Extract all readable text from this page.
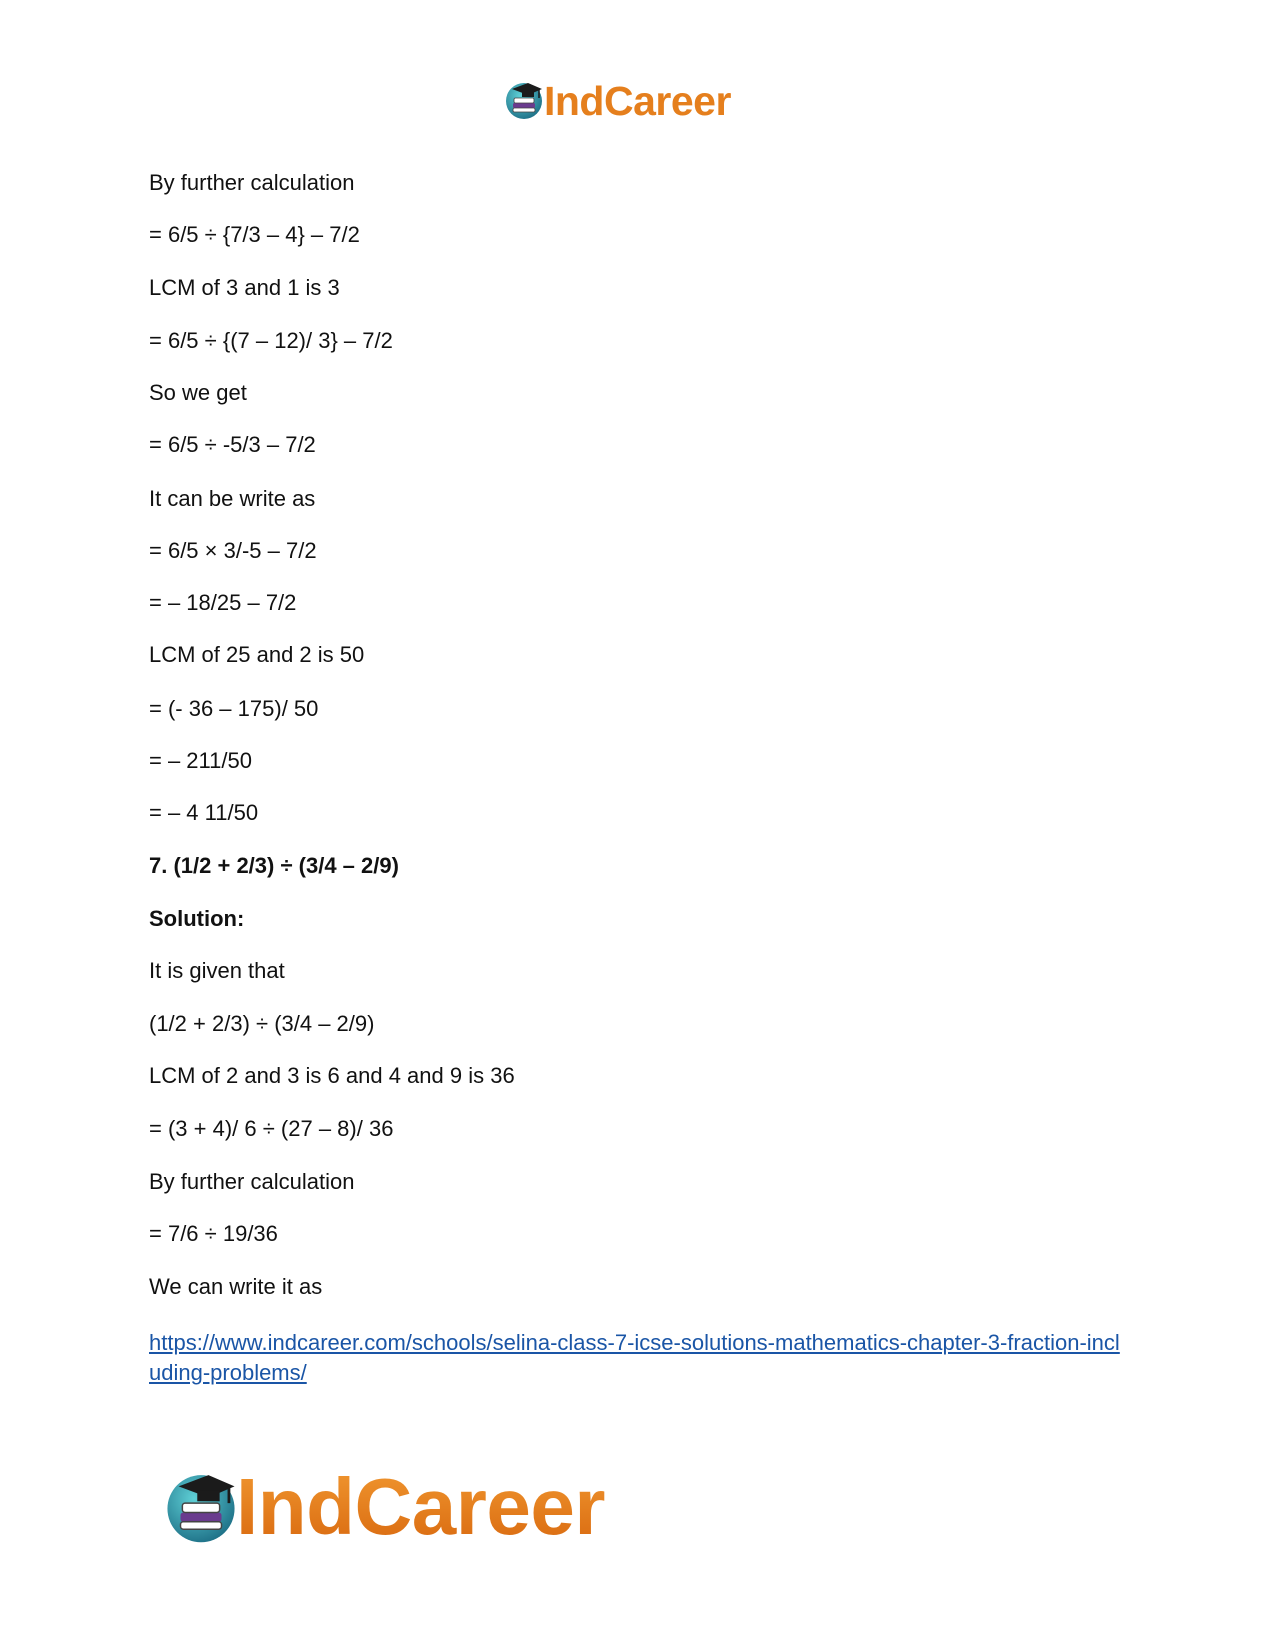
IndCareer
By further calculation
= 6/5 ÷ {7/3 – 4} – 7/2
LCM of 3 and 1 is 3
= 6/5 ÷ {(7 – 12)/ 3} – 7/2
So we get
= 6/5 ÷ -5/3 – 7/2
It can be write as
= 6/5 × 3/-5 – 7/2
= – 18/25 – 7/2
LCM of 25 and 2 is 50
= (- 36 – 175)/ 50
= – 211/50
= – 4 11/50
7. (1/2 + 2/3) ÷ (3/4 – 2/9)
Solution:
It is given that
(1/2 + 2/3) ÷ (3/4 – 2/9)
LCM of 2 and 3 is 6 and 4 and 9 is 36
= (3 + 4)/ 6 ÷ (27 – 8)/ 36
By further calculation
= 7/6 ÷ 19/36
We can write it as
https://www.indcareer.com/schools/selina-class-7-icse-solutions-mathematics-chapter-3-fraction-including-problems/
IndCareer
